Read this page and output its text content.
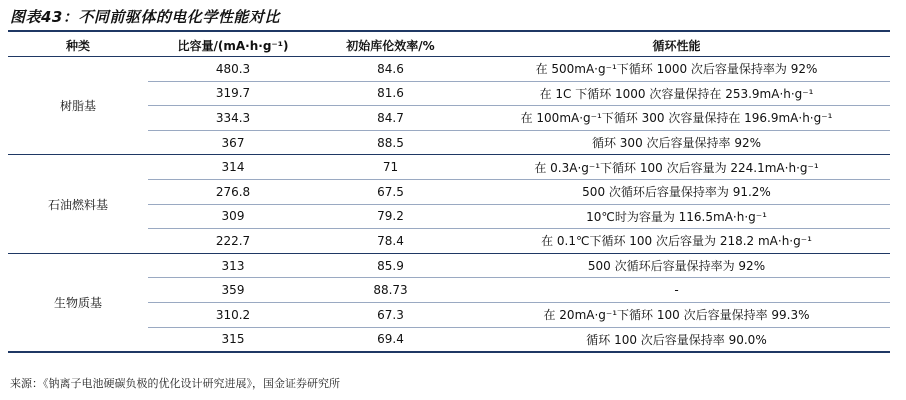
图表43：不同前驱体的电化学性能对比
种类	比容量/(mA·h·g⁻¹)	初始库伦效率/%	循环性能
树脂基	480.3	84.6	在 500mA·g⁻¹下循环 1000 次后容量保持率为 92%
	319.7	81.6	在 1C 下循环 1000 次容量保持在 253.9mA·h·g⁻¹
	334.3	84.7	在 100mA·g⁻¹下循环 300 次容量保持在 196.9mA·h·g⁻¹
	367	88.5	循环 300 次后容量保持率 92%
石油燃料基	314	71	在 0.3A·g⁻¹下循环 100 次后容量为 224.1mA·h·g⁻¹
	276.8	67.5	500 次循环后容量保持率为 91.2%
	309	79.2	10℃时为容量为 116.5mA·h·g⁻¹
	222.7	78.4	在 0.1℃下循环 100 次后容量为 218.2 mA·h·g⁻¹
生物质基	313	85.9	500 次循环后容量保持率为 92%
	359	88.73	-
	310.2	67.3	在 20mA·g⁻¹下循环 100 次后容量保持率 99.3%
	315	69.4	循环 100 次后容量保持率 90.0%
来源：《钠离子电池硬碳负极的优化设计研究进展》，国金证券研究所
